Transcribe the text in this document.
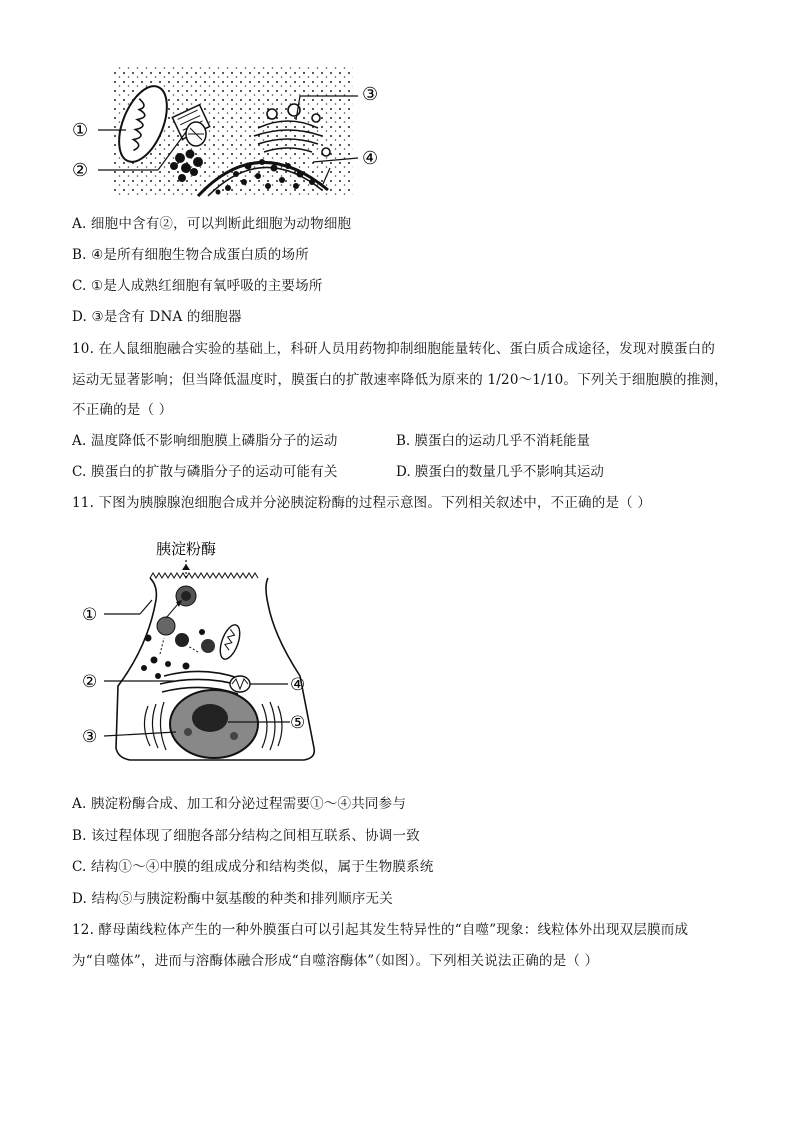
①
②
③
④
A. 细胞中含有②，可以判断此细胞为动物细胞
B. ④是所有细胞生物合成蛋白质的场所
C. ①是人成熟红细胞有氧呼吸的主要场所
D. ③是含有 DNA 的细胞器
10. 在人鼠细胞融合实验的基础上，科研人员用药物抑制细胞能量转化、蛋白质合成途径，发现对膜蛋白的
运动无显著影响；但当降低温度时，膜蛋白的扩散速率降低为原来的 1/20～1/10。下列关于细胞膜的推测，
不正确的是（ ）
A. 温度降低不影响细胞膜上磷脂分子的运动	B. 膜蛋白的运动几乎不消耗能量
C. 膜蛋白的扩散与磷脂分子的运动可能有关	D. 膜蛋白的数量几乎不影响其运动
11. 下图为胰腺腺泡细胞合成并分泌胰淀粉酶的过程示意图。下列相关叙述中，不正确的是（ ）
胰淀粉酶
①
②
③
④
⑤
A. 胰淀粉酶合成、加工和分泌过程需要①～④共同参与
B. 该过程体现了细胞各部分结构之间相互联系、协调一致
C. 结构①～④中膜的组成成分和结构类似，属于生物膜系统
D. 结构⑤与胰淀粉酶中氨基酸的种类和排列顺序无关
12. 酵母菌线粒体产生的一种外膜蛋白可以引起其发生特异性的“自噬”现象：线粒体外出现双层膜而成
为“自噬体”，进而与溶酶体融合形成“自噬溶酶体”（如图）。下列相关说法正确的是（ ）
